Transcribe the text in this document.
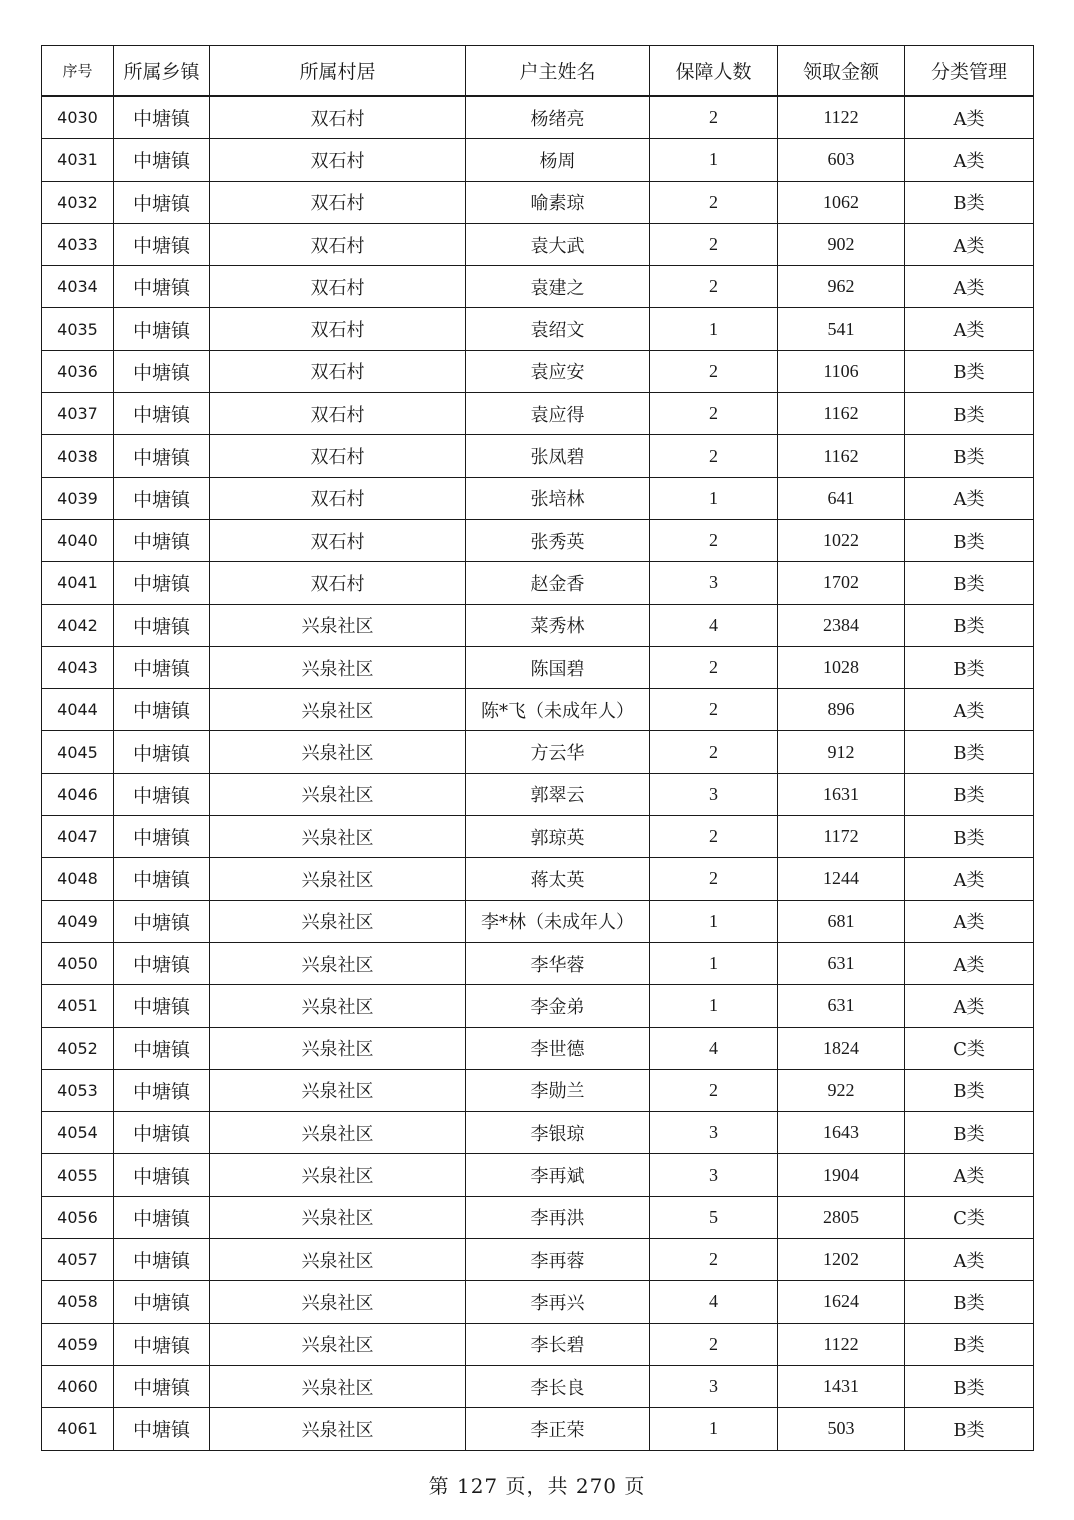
序号	所属乡镇	所属村居	户主姓名	保障人数	领取金额	分类管理
4030	中塘镇	双石村	杨绪亮	2	1122	A类
4031	中塘镇	双石村	杨周	1	603	A类
4032	中塘镇	双石村	喻素琼	2	1062	B类
4033	中塘镇	双石村	袁大武	2	902	A类
4034	中塘镇	双石村	袁建之	2	962	A类
4035	中塘镇	双石村	袁绍文	1	541	A类
4036	中塘镇	双石村	袁应安	2	1106	B类
4037	中塘镇	双石村	袁应得	2	1162	B类
4038	中塘镇	双石村	张凤碧	2	1162	B类
4039	中塘镇	双石村	张培林	1	641	A类
4040	中塘镇	双石村	张秀英	2	1022	B类
4041	中塘镇	双石村	赵金香	3	1702	B类
4042	中塘镇	兴泉社区	菜秀林	4	2384	B类
4043	中塘镇	兴泉社区	陈国碧	2	1028	B类
4044	中塘镇	兴泉社区	陈*飞（未成年人）	2	896	A类
4045	中塘镇	兴泉社区	方云华	2	912	B类
4046	中塘镇	兴泉社区	郭翠云	3	1631	B类
4047	中塘镇	兴泉社区	郭琼英	2	1172	B类
4048	中塘镇	兴泉社区	蒋太英	2	1244	A类
4049	中塘镇	兴泉社区	李*林（未成年人）	1	681	A类
4050	中塘镇	兴泉社区	李华蓉	1	631	A类
4051	中塘镇	兴泉社区	李金弟	1	631	A类
4052	中塘镇	兴泉社区	李世德	4	1824	C类
4053	中塘镇	兴泉社区	李勋兰	2	922	B类
4054	中塘镇	兴泉社区	李银琼	3	1643	B类
4055	中塘镇	兴泉社区	李再斌	3	1904	A类
4056	中塘镇	兴泉社区	李再洪	5	2805	C类
4057	中塘镇	兴泉社区	李再蓉	2	1202	A类
4058	中塘镇	兴泉社区	李再兴	4	1624	B类
4059	中塘镇	兴泉社区	李长碧	2	1122	B类
4060	中塘镇	兴泉社区	李长良	3	1431	B类
4061	中塘镇	兴泉社区	李正荣	1	503	B类
第 127 页，共 270 页
